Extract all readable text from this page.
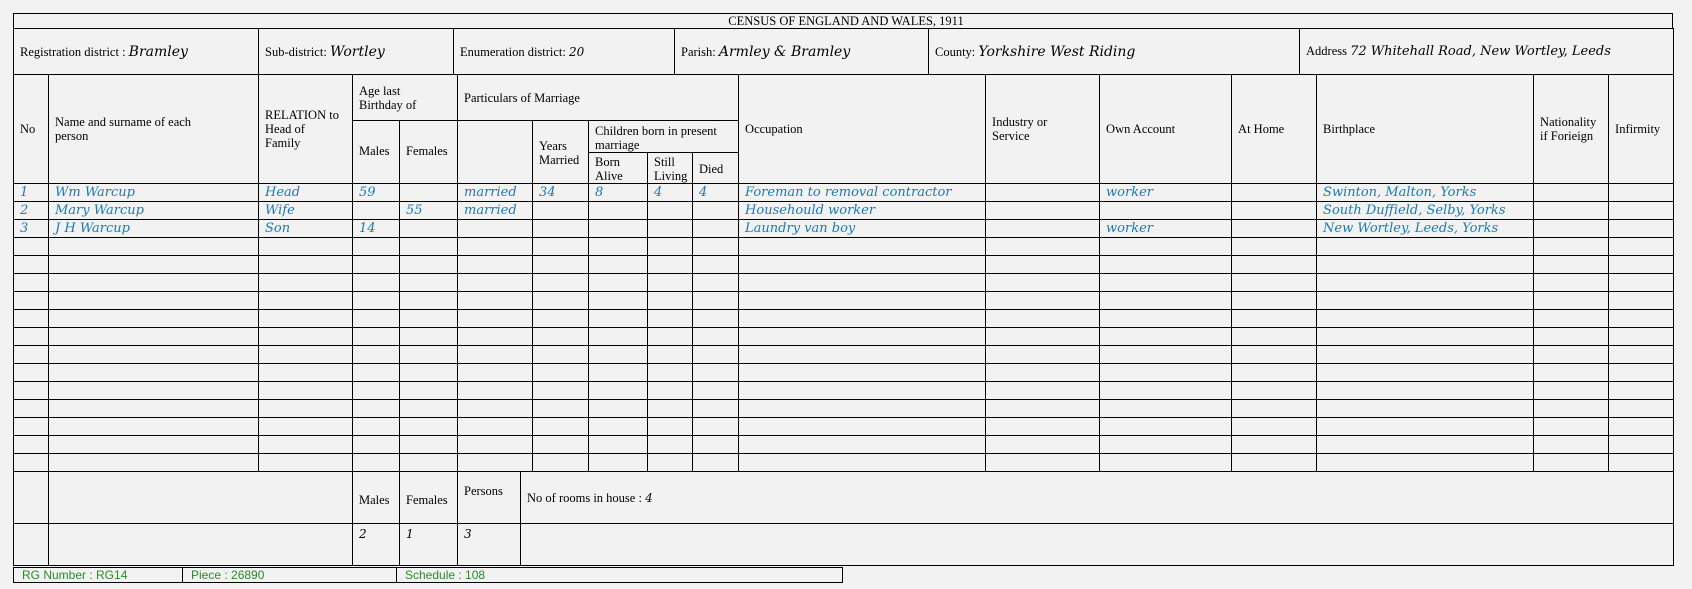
CENSUS OF ENGLAND AND WALES, 1911
Registration district : Bramley	Sub-district: Wortley	Enumeration district: 20	Parish: Armley & Bramley	County: Yorkshire West Riding	Address 72 Whitehall Road, New Wortley, Leeds
No	Name and surname of each person	RELATION to Head of Family	Age last Birthday of		Particulars of Marriage					Occupation	Industry or Service	Own Account	At Home	Birthplace	Nationality if Forieign	Infirmity
			Males	Females		Years Married	Children born in present marriage									
							Born Alive	Still Living	Died							
1	Wm Warcup	Head	59		married	34	8	4	4	Foreman to removal contractor		worker		Swinton, Malton, Yorks		
2	Mary Warcup	Wife		55	married					Househould worker				South Duffield, Selby, Yorks		
3	J H Warcup	Son	14							Laundry van boy		worker		New Wortley, Leeds, Yorks		

		Males	Females	Persons	No of rooms in house : 4
		2	1	3	
RG Number : RG14	Piece : 26890	Schedule : 108
